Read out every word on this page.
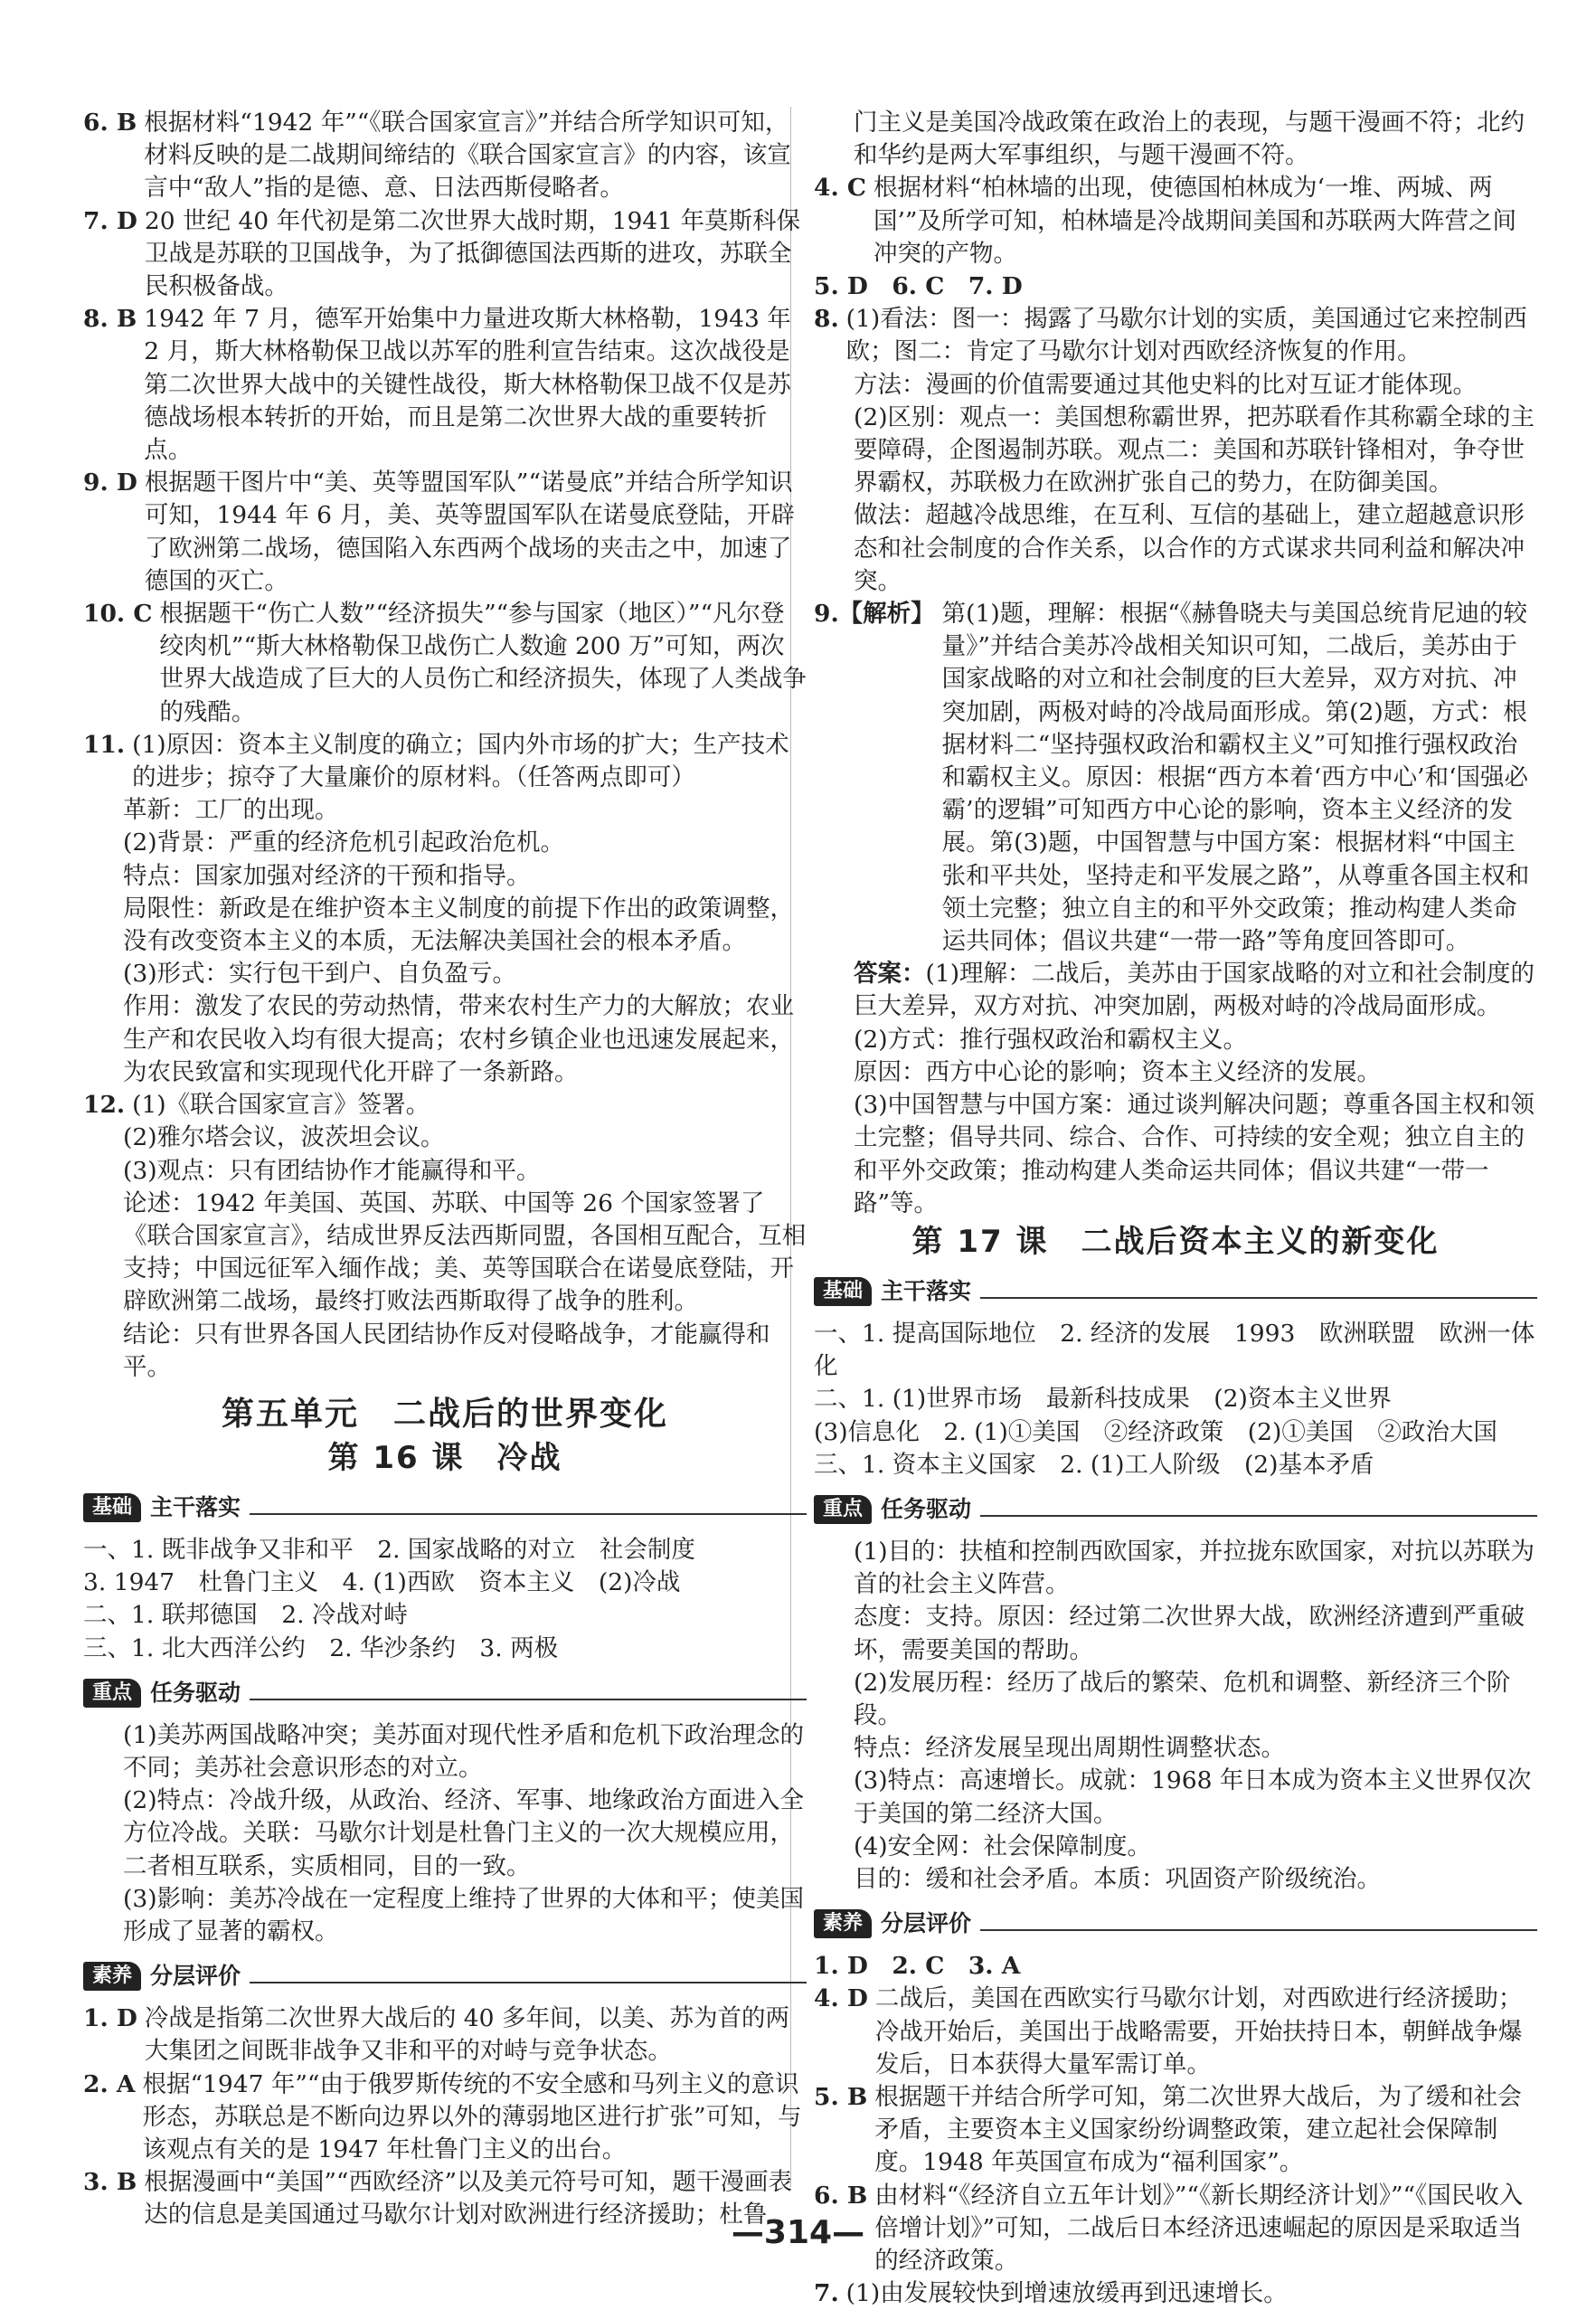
6. B 根据材料“1942 年”“《联合国家宣言》”并结合所学知识可知，材料反映的是二战期间缔结的《联合国家宣言》的内容，该宣言中“敌人”指的是德、意、日法西斯侵略者。
7. D 20 世纪 40 年代初是第二次世界大战时期，1941 年莫斯科保卫战是苏联的卫国战争，为了抵御德国法西斯的进攻，苏联全民积极备战。
8. B 1942 年 7 月，德军开始集中力量进攻斯大林格勒，1943 年 2 月，斯大林格勒保卫战以苏军的胜利宣告结束。这次战役是第二次世界大战中的关键性战役，斯大林格勒保卫战不仅是苏德战场根本转折的开始，而且是第二次世界大战的重要转折点。
9. D 根据题干图片中“美、英等盟国军队”“诺曼底”并结合所学知识可知，1944 年 6 月，美、英等盟国军队在诺曼底登陆，开辟了欧洲第二战场，德国陷入东西两个战场的夹击之中，加速了德国的灭亡。
10. C 根据题干“伤亡人数”“经济损失”“参与国家（地区）”“凡尔登绞肉机”“斯大林格勒保卫战伤亡人数逾 200 万”可知，两次世界大战造成了巨大的人员伤亡和经济损失，体现了人类战争的残酷。
11. (1)原因：资本主义制度的确立；国内外市场的扩大；生产技术的进步；掠夺了大量廉价的原材料。（任答两点即可）

革新：工厂的出现。

(2)背景：严重的经济危机引起政治危机。

特点：国家加强对经济的干预和指导。

局限性：新政是在维护资本主义制度的前提下作出的政策调整，没有改变资本主义的本质，无法解决美国社会的根本矛盾。

(3)形式：实行包干到户、自负盈亏。

作用：激发了农民的劳动热情，带来农村生产力的大解放；农业生产和农民收入均有很大提高；农村乡镇企业也迅速发展起来，为农民致富和实现现代化开辟了一条新路。

12. (1)《联合国家宣言》签署。

(2)雅尔塔会议，波茨坦会议。

(3)观点：只有团结协作才能赢得和平。

论述：1942 年美国、英国、苏联、中国等 26 个国家签署了《联合国家宣言》，结成世界反法西斯同盟，各国相互配合，互相支持；中国远征军入缅作战；美、英等国联合在诺曼底登陆，开辟欧洲第二战场，最终打败法西斯取得了战争的胜利。

结论：只有世界各国人民团结协作反对侵略战争，才能赢得和平。

第五单元　二战后的世界变化
第 16 课　冷战
基础 主干落实

一、1. 既非战争又非和平　2. 国家战略的对立　社会制度

3. 1947　杜鲁门主义　4. (1)西欧　资本主义　(2)冷战

二、1. 联邦德国　2. 冷战对峙

三、1. 北大西洋公约　2. 华沙条约　3. 两极

重点 任务驱动

(1)美苏两国战略冲突；美苏面对现代性矛盾和危机下政治理念的不同；美苏社会意识形态的对立。

(2)特点：冷战升级，从政治、经济、军事、地缘政治方面进入全方位冷战。关联：马歇尔计划是杜鲁门主义的一次大规模应用，二者相互联系，实质相同，目的一致。

(3)影响：美苏冷战在一定程度上维持了世界的大体和平；使美国形成了显著的霸权。

素养 分层评价
1. D 冷战是指第二次世界大战后的 40 多年间，以美、苏为首的两大集团之间既非战争又非和平的对峙与竞争状态。
2. A 根据“1947 年”“由于俄罗斯传统的不安全感和马列主义的意识形态，苏联总是不断向边界以外的薄弱地区进行扩张”可知，与该观点有关的是 1947 年杜鲁门主义的出台。
3. B 根据漫画中“美国”“西欧经济”以及美元符号可知，题干漫画表达的信息是美国通过马歇尔计划对欧洲进行经济援助；杜鲁

门主义是美国冷战政策在政治上的表现，与题干漫画不符；北约和华约是两大军事组织，与题干漫画不符。

4. C 根据材料“柏林墙的出现，使德国柏林成为‘一堆、两城、两国’”及所学可知，柏林墙是冷战期间美国和苏联两大阵营之间冲突的产物。
5. D　6. C　7. D
8. (1)看法：图一：揭露了马歇尔计划的实质，美国通过它来控制西欧；图二：肯定了马歇尔计划对西欧经济恢复的作用。

方法：漫画的价值需要通过其他史料的比对互证才能体现。

(2)区别：观点一：美国想称霸世界，把苏联看作其称霸全球的主要障碍，企图遏制苏联。观点二：美国和苏联针锋相对，争夺世界霸权，苏联极力在欧洲扩张自己的势力，在防御美国。

做法：超越冷战思维，在互利、互信的基础上，建立超越意识形态和社会制度的合作关系，以合作的方式谋求共同利益和解决冲突。

9.【解析】 第(1)题，理解：根据“《赫鲁晓夫与美国总统肯尼迪的较量》”并结合美苏冷战相关知识可知，二战后，美苏由于国家战略的对立和社会制度的巨大差异，双方对抗、冲突加剧，两极对峙的冷战局面形成。第(2)题，方式：根据材料二“坚持强权政治和霸权主义”可知推行强权政治和霸权主义。原因：根据“西方本着‘西方中心’和‘国强必霸’的逻辑”可知西方中心论的影响，资本主义经济的发展。第(3)题，中国智慧与中国方案：根据材料“中国主张和平共处，坚持走和平发展之路”，从尊重各国主权和领土完整；独立自主的和平外交政策；推动构建人类命运共同体；倡议共建“一带一路”等角度回答即可。
答案：(1)理解：二战后，美苏由于国家战略的对立和社会制度的巨大差异，双方对抗、冲突加剧，两极对峙的冷战局面形成。

(2)方式：推行强权政治和霸权主义。

原因：西方中心论的影响；资本主义经济的发展。

(3)中国智慧与中国方案：通过谈判解决问题；尊重各国主权和领土完整；倡导共同、综合、合作、可持续的安全观；独立自主的和平外交政策；推动构建人类命运共同体；倡议共建“一带一路”等。

第 17 课　二战后资本主义的新变化
基础 主干落实

一、1. 提高国际地位　2. 经济的发展　1993　欧洲联盟　欧洲一体化

二、1. (1)世界市场　最新科技成果　(2)资本主义世界

(3)信息化　2. (1)①美国　②经济政策　(2)①美国　②政治大国

三、1. 资本主义国家　2. (1)工人阶级　(2)基本矛盾

重点 任务驱动

(1)目的：扶植和控制西欧国家，并拉拢东欧国家，对抗以苏联为首的社会主义阵营。

态度：支持。原因：经过第二次世界大战，欧洲经济遭到严重破坏，需要美国的帮助。

(2)发展历程：经历了战后的繁荣、危机和调整、新经济三个阶段。

特点：经济发展呈现出周期性调整状态。

(3)特点：高速增长。成就：1968 年日本成为资本主义世界仅次于美国的第二经济大国。

(4)安全网：社会保障制度。

目的：缓和社会矛盾。本质：巩固资产阶级统治。

素养 分层评价
1. D　2. C　3. A
4. D 二战后，美国在西欧实行马歇尔计划，对西欧进行经济援助；冷战开始后，美国出于战略需要，开始扶持日本，朝鲜战争爆发后，日本获得大量军需订单。
5. B 根据题干并结合所学可知，第二次世界大战后，为了缓和社会矛盾，主要资本主义国家纷纷调整政策，建立起社会保障制度。1948 年英国宣布成为“福利国家”。
6. B 由材料“《经济自立五年计划》”“《新长期经济计划》”“《国民收入倍增计划》”可知，二战后日本经济迅速崛起的原因是采取适当的经济政策。
7. (1)由发展较快到增速放缓再到迅速增长。
—314—
